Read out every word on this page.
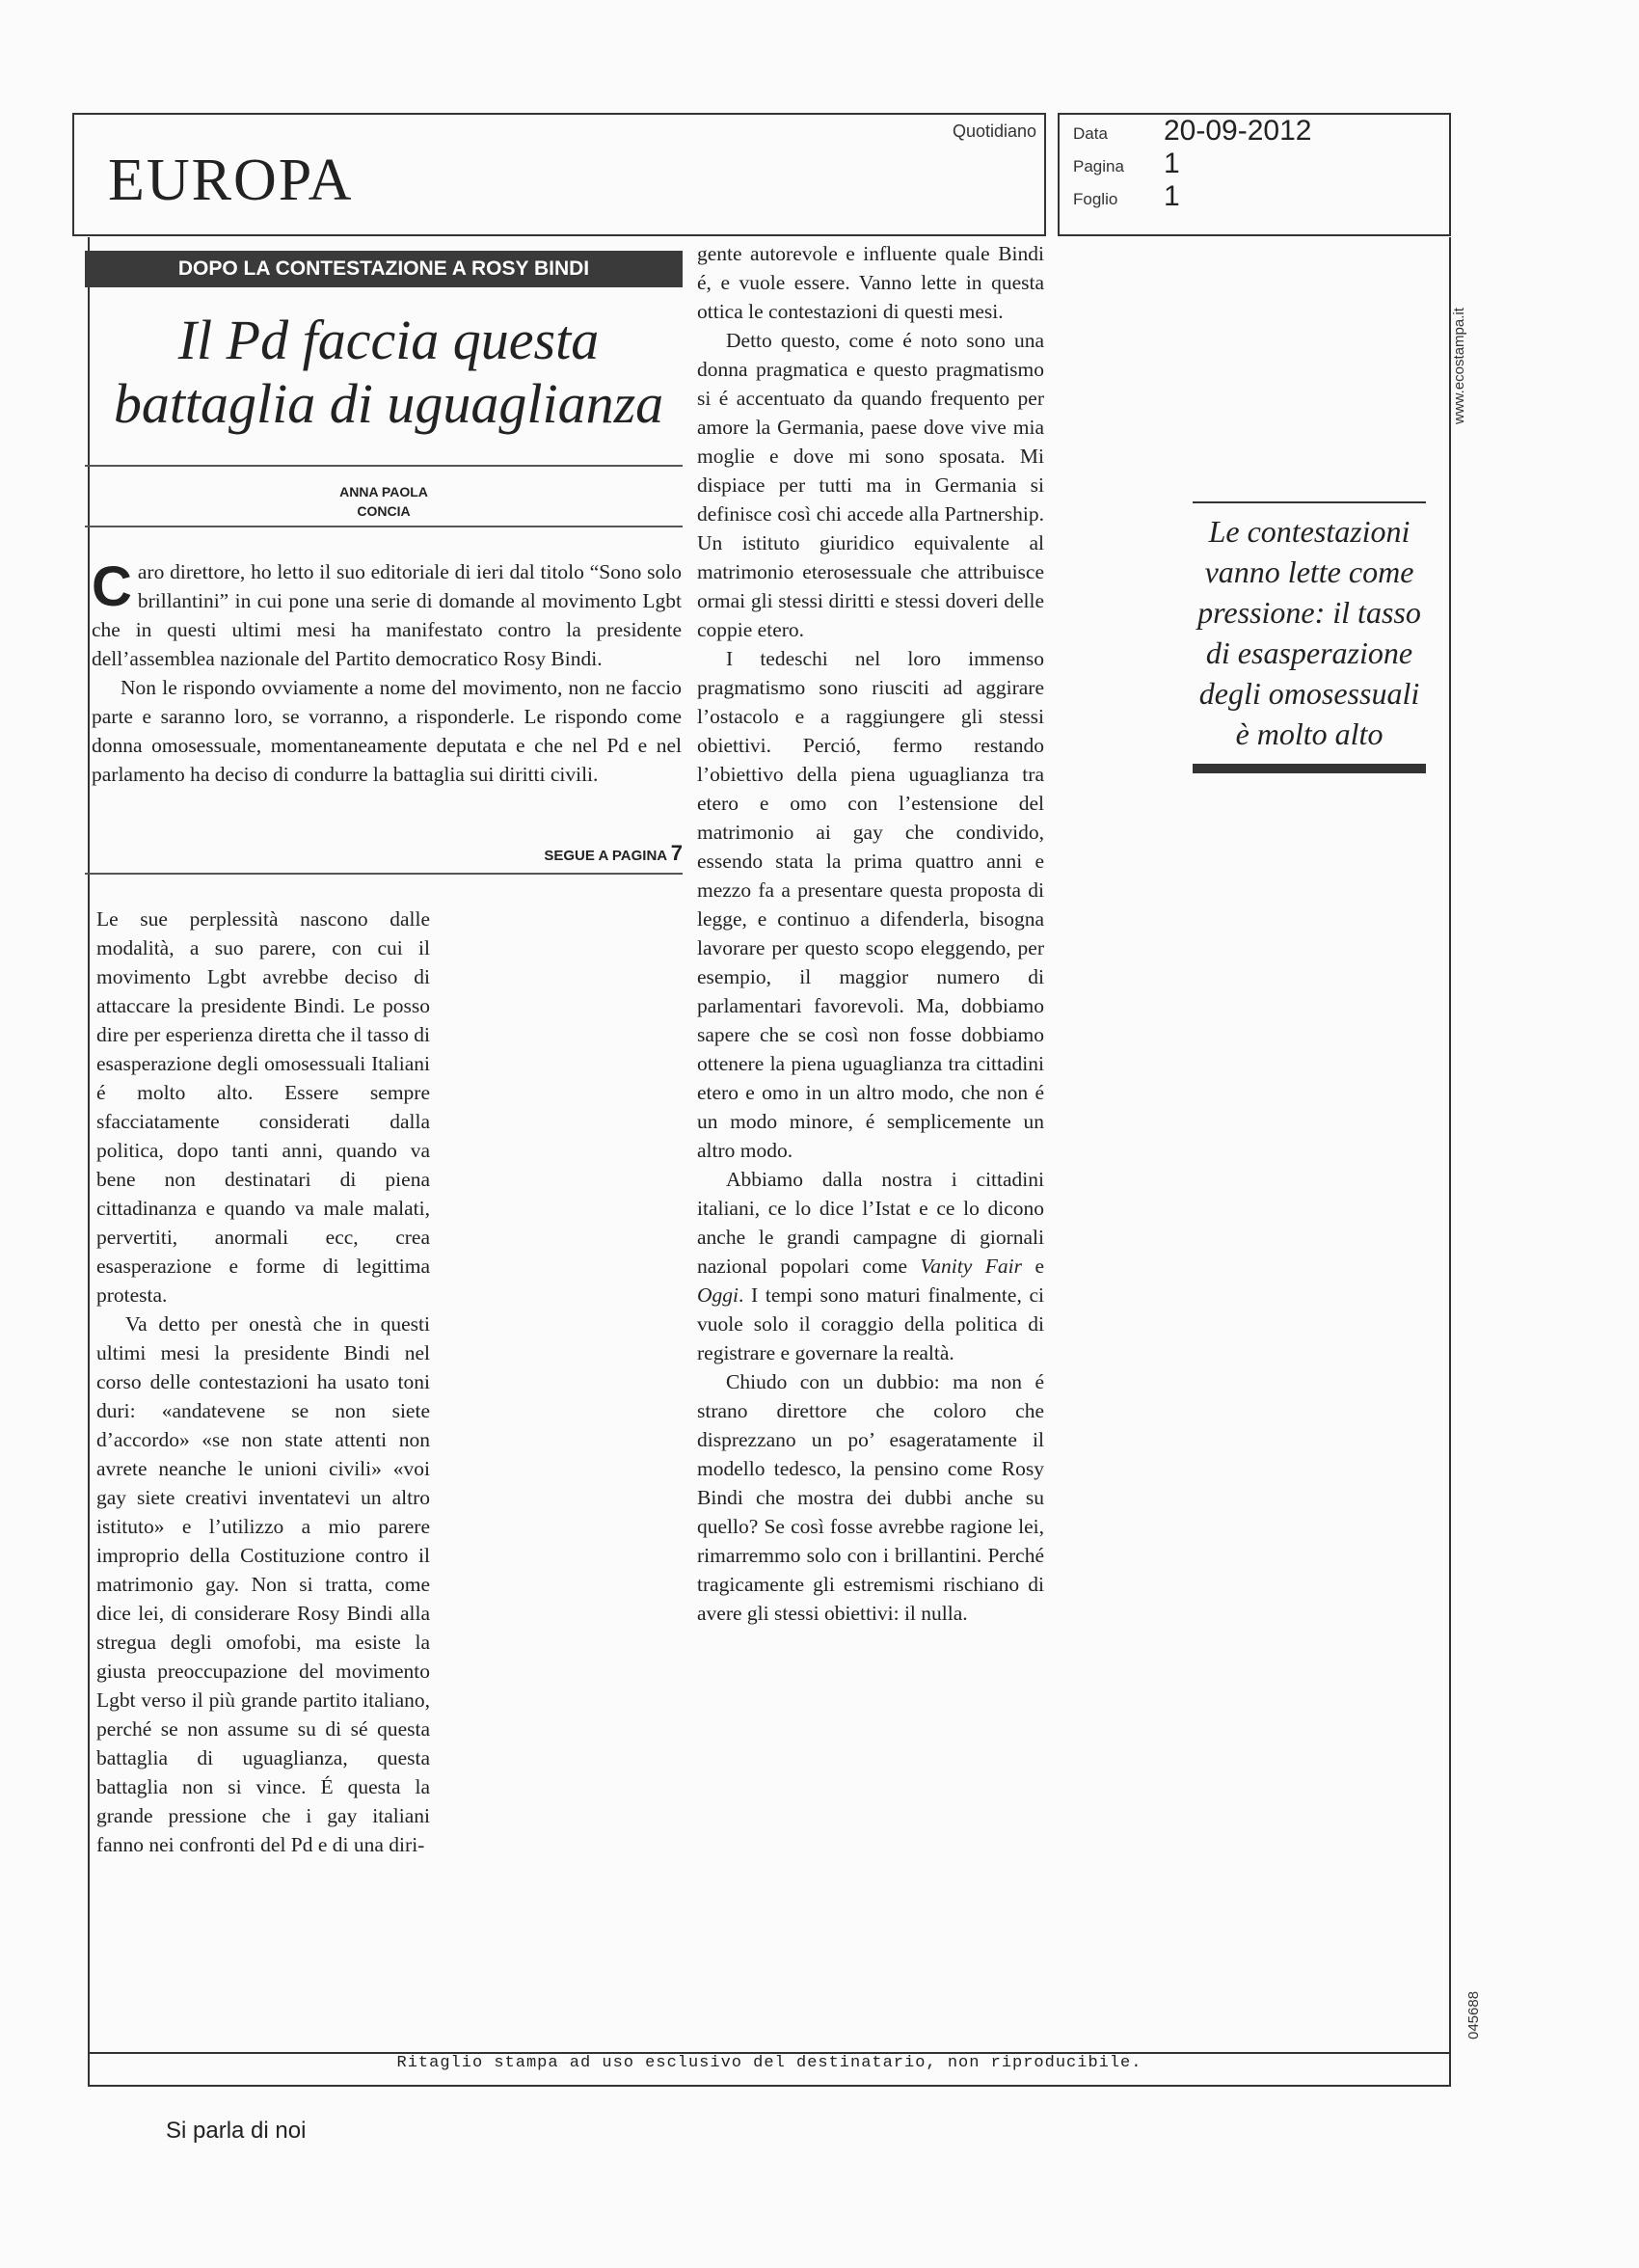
EUROPA
Quotidiano Data 20-09-2012
Pagina 1
Foglio 1
Ritaglio stampa ad uso esclusivo del destinatario, non riproducibile.
www.ecostampa.it
045688
DOPO LA CONTESTAZIONE A ROSY BINDI
Il Pd faccia questa
battaglia di uguaglianza
ANNA PAOLA
CONCIA

Caro direttore, ho letto il suo editoriale di ieri dal titolo “Sono solo brillantini” in cui pone una serie di domande al movimento Lgbt che in questi ultimi mesi ha manifestato contro la presidente dell’assemblea nazionale del Partito democratico Rosy Bindi.

Non le rispondo ovviamente a nome del movimento, non ne faccio parte e saranno loro, se vorranno, a risponderle. Le rispondo come donna omosessuale, momentaneamente deputata e che nel Pd e nel parlamento ha deciso di condurre la battaglia sui diritti civili.

SEGUE A PAGINA 7

Le sue perplessità nascono dalle modalità, a suo parere, con cui il movimento Lgbt avrebbe deciso di attaccare la presidente Bindi. Le posso dire per esperienza diretta che il tasso di esasperazione degli omosessuali Italiani é molto alto. Essere sempre sfacciatamente considerati dalla politica, dopo tanti anni, quando va bene non destinatari di piena cittadinanza e quando va male malati, pervertiti, anormali ecc, crea esasperazione e forme di legittima protesta.

Va detto per onestà che in questi ultimi mesi la presidente Bindi nel corso delle contestazioni ha usato toni duri: «andatevene se non siete d’accordo» «se non state attenti non avrete neanche le unioni civili» «voi gay siete creativi inventatevi un altro istituto» e l’utilizzo a mio parere improprio della Costituzione contro il matrimonio gay. Non si tratta, come dice lei, di considerare Rosy Bindi alla stregua degli omofobi, ma esiste la giusta preoccupazione del movimento Lgbt verso il più grande partito italiano, perché se non assume su di sé questa battaglia di uguaglianza, questa battaglia non si vince. É questa la grande pressione che i gay italiani fanno nei confronti del Pd e di una diri-

gente autorevole e influente quale Bindi é, e vuole essere. Vanno lette in questa ottica le contestazioni di questi mesi.

Detto questo, come é noto sono una donna pragmatica e questo pragmatismo si é accentuato da quando frequento per amore la Germania, paese dove vive mia moglie e dove mi sono sposata. Mi dispiace per tutti ma in Germania si definisce così chi accede alla Partnership. Un istituto giuridico equivalente al matrimonio eterosessuale che attribuisce ormai gli stessi diritti e stessi doveri delle coppie etero.

I tedeschi nel loro immenso pragmatismo sono riusciti ad aggirare l’ostacolo e a raggiungere gli stessi obiettivi. Perció, fermo restando l’obiettivo della piena uguaglianza tra etero e omo con l’estensione del matrimonio ai gay che condivido, essendo stata la prima quattro anni e mezzo fa a presentare questa proposta di legge, e continuo a difenderla, bisogna lavorare per questo scopo eleggendo, per esempio, il maggior numero di parlamentari favorevoli. Ma, dobbiamo sapere che se così non fosse dobbiamo ottenere la piena uguaglianza tra cittadini etero e omo in un altro modo, che non é un modo minore, é semplicemente un altro modo.

Abbiamo dalla nostra i cittadini italiani, ce lo dice l’Istat e ce lo dicono anche le grandi campagne di giornali nazional popolari come Vanity Fair e Oggi. I tempi sono maturi finalmente, ci vuole solo il coraggio della politica di registrare e governare la realtà.

Chiudo con un dubbio: ma non é strano direttore che coloro che disprezzano un po’ esageratamente il modello tedesco, la pensino come Rosy Bindi che mostra dei dubbi anche su quello? Se così fosse avrebbe ragione lei, rimarremmo solo con i brillantini. Perché tragicamente gli estremismi rischiano di avere gli stessi obiettivi: il nulla.

Le contestazioni vanno lette come pressione: il tasso di esasperazione degli omosessuali è molto alto
Si parla di noi
